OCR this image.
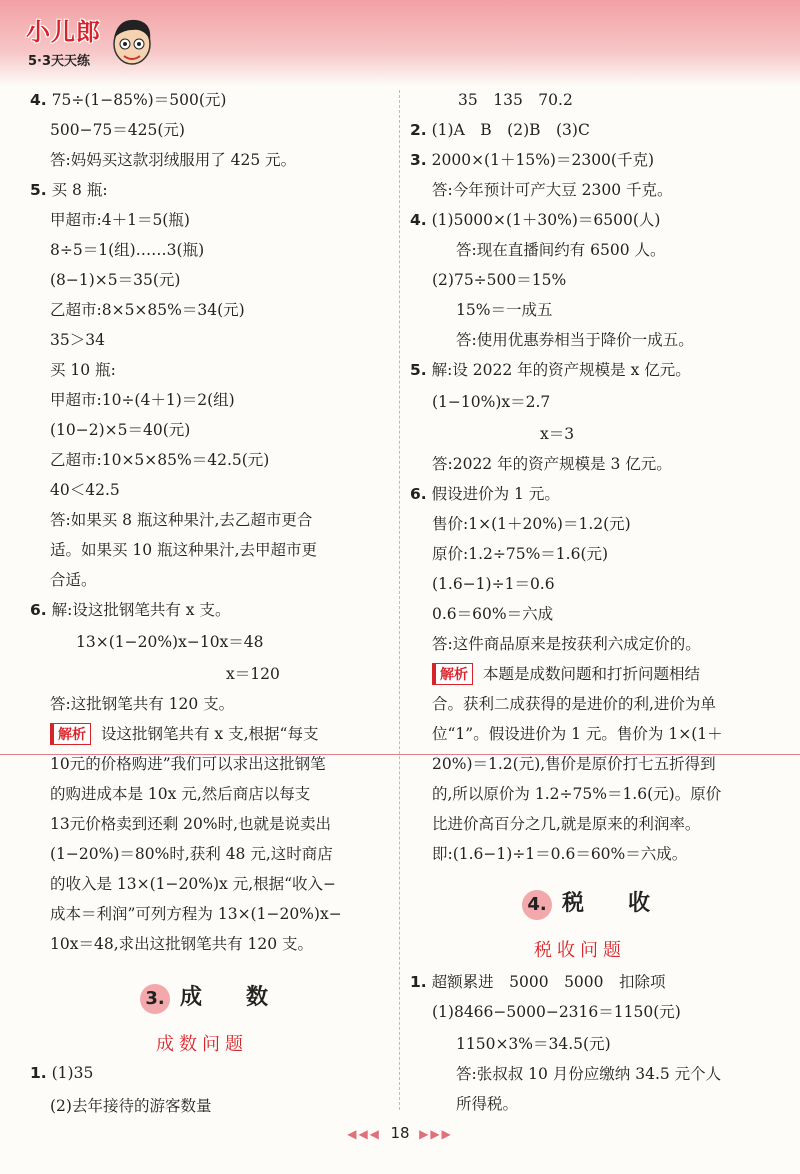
小儿郎
5·3天天练
4. 75÷(1−85%)＝500(元)
500−75＝425(元)
答:妈妈买这款羽绒服用了 425 元。
5. 买 8 瓶:
甲超市:4＋1＝5(瓶)
8÷5＝1(组)……3(瓶)
(8−1)×5＝35(元)
乙超市:8×5×85%＝34(元)
35＞34
买 10 瓶:
甲超市:10÷(4＋1)＝2(组)
(10−2)×5＝40(元)
乙超市:10×5×85%＝42.5(元)
40＜42.5
答:如果买 8 瓶这种果汁,去乙超市更合
适。如果买 10 瓶这种果汁,去甲超市更
合适。
6. 解:设这批钢笔共有 x 支。
13×(1−20%)x−10x＝48
x＝120
答:这批钢笔共有 120 支。
解析 设这批钢笔共有 x 支,根据“每支
10元的价格购进”我们可以求出这批钢笔
的购进成本是 10x 元,然后商店以每支
13元价格卖到还剩 20%时,也就是说卖出
(1−20%)＝80%时,获利 48 元,这时商店
的收入是 13×(1−20%)x 元,根据“收入−
成本＝利润”可列方程为 13×(1−20%)x−
10x＝48,求出这批钢笔共有 120 支。
3. 成　　数
成数问题
1. (1)35
(2)去年接待的游客数量
35　135　70.2
2. (1)A　B　(2)B　(3)C
3. 2000×(1＋15%)＝2300(千克)
答:今年预计可产大豆 2300 千克。
4. (1)5000×(1＋30%)＝6500(人)
答:现在直播间约有 6500 人。
(2)75÷500＝15%
15%＝一成五
答:使用优惠券相当于降价一成五。
5. 解:设 2022 年的资产规模是 x 亿元。
(1−10%)x＝2.7
x＝3
答:2022 年的资产规模是 3 亿元。
6. 假设进价为 1 元。
售价:1×(1＋20%)＝1.2(元)
原价:1.2÷75%＝1.6(元)
(1.6−1)÷1＝0.6
0.6＝60%＝六成
答:这件商品原来是按获利六成定价的。
解析 本题是成数问题和打折问题相结
合。获利二成获得的是进价的利,进价为单
位“1”。假设进价为 1 元。售价为 1×(1＋
20%)＝1.2(元),售价是原价打七五折得到
的,所以原价为 1.2÷75%＝1.6(元)。原价
比进价高百分之几,就是原来的利润率。
即:(1.6−1)÷1＝0.6＝60%＝六成。
4. 税　　收
税收问题
1. 超额累进　5000　5000　扣除项
(1)8466−5000−2316＝1150(元)
1150×3%＝34.5(元)
答:张叔叔 10 月份应缴纳 34.5 元个人
所得税。
◀◀◀ 18 ▶▶▶
